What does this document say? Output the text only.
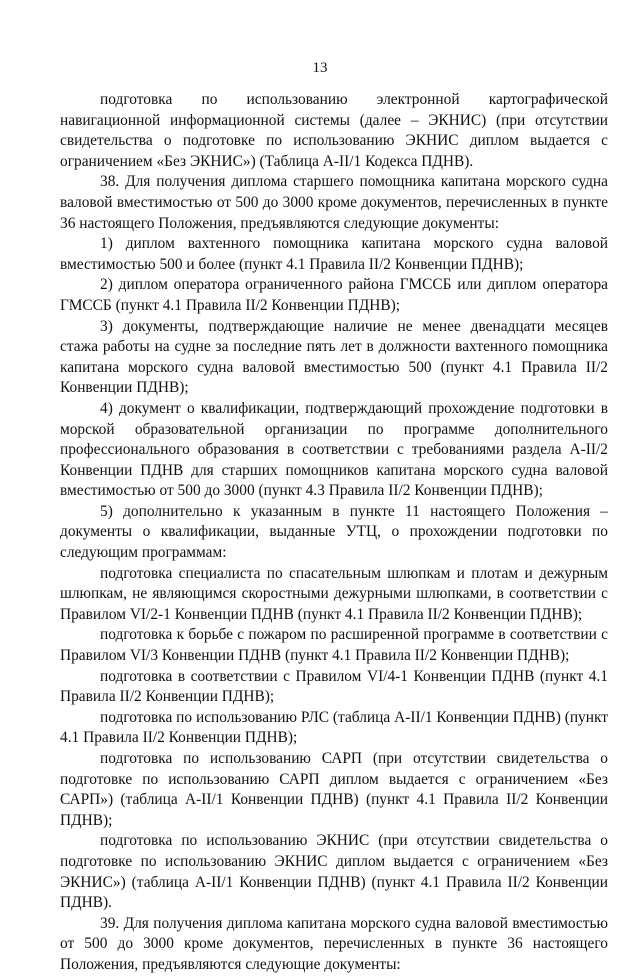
13

подготовка по использованию электронной картографической навигационной информационной системы (далее – ЭКНИС) (при отсутствии свидетельства о подготовке по использованию ЭКНИС диплом выдается с ограничением «Без ЭКНИС») (Таблица A-II/1 Кодекса ПДНВ).

38. Для получения диплома старшего помощника капитана морского судна валовой вместимостью от 500 до 3000 кроме документов, перечисленных в пункте 36 настоящего Положения, предъявляются следующие документы:

1) диплом вахтенного помощника капитана морского судна валовой вместимостью 500 и более (пункт 4.1 Правила II/2 Конвенции ПДНВ);

2) диплом оператора ограниченного района ГМССБ или диплом оператора ГМССБ (пункт 4.1 Правила II/2 Конвенции ПДНВ);

3) документы, подтверждающие наличие не менее двенадцати месяцев стажа работы на судне за последние пять лет в должности вахтенного помощника капитана морского судна валовой вместимостью 500 (пункт 4.1 Правила II/2 Конвенции ПДНВ);

4) документ о квалификации, подтверждающий прохождение подготовки в морской образовательной организации по программе дополнительного профессионального образования в соответствии с требованиями раздела A-II/2 Конвенции ПДНВ для старших помощников капитана морского судна валовой вместимостью от 500 до 3000 (пункт 4.3 Правила II/2 Конвенции ПДНВ);

5) дополнительно к указанным в пункте 11 настоящего Положения – документы о квалификации, выданные УТЦ, о прохождении подготовки по следующим программам:

подготовка специалиста по спасательным шлюпкам и плотам и дежурным шлюпкам, не являющимся скоростными дежурными шлюпками, в соответствии с Правилом VI/2-1 Конвенции ПДНВ (пункт 4.1 Правила II/2 Конвенции ПДНВ);

подготовка к борьбе с пожаром по расширенной программе в соответствии с Правилом VI/3 Конвенции ПДНВ (пункт 4.1 Правила II/2 Конвенции ПДНВ);

подготовка в соответствии с Правилом VI/4-1 Конвенции ПДНВ (пункт 4.1 Правила II/2 Конвенции ПДНВ);

подготовка по использованию РЛС (таблица A-II/1 Конвенции ПДНВ) (пункт 4.1 Правила II/2 Конвенции ПДНВ);

подготовка по использованию САРП (при отсутствии свидетельства о подготовке по использованию САРП диплом выдается с ограничением «Без САРП») (таблица A-II/1 Конвенции ПДНВ) (пункт 4.1 Правила II/2 Конвенции ПДНВ);

подготовка по использованию ЭКНИС (при отсутствии свидетельства о подготовке по использованию ЭКНИС диплом выдается с ограничением «Без ЭКНИС») (таблица A-II/1 Конвенции ПДНВ) (пункт 4.1 Правила II/2 Конвенции ПДНВ).

39. Для получения диплома капитана морского судна валовой вместимостью от 500 до 3000 кроме документов, перечисленных в пункте 36 настоящего Положения, предъявляются следующие документы:
